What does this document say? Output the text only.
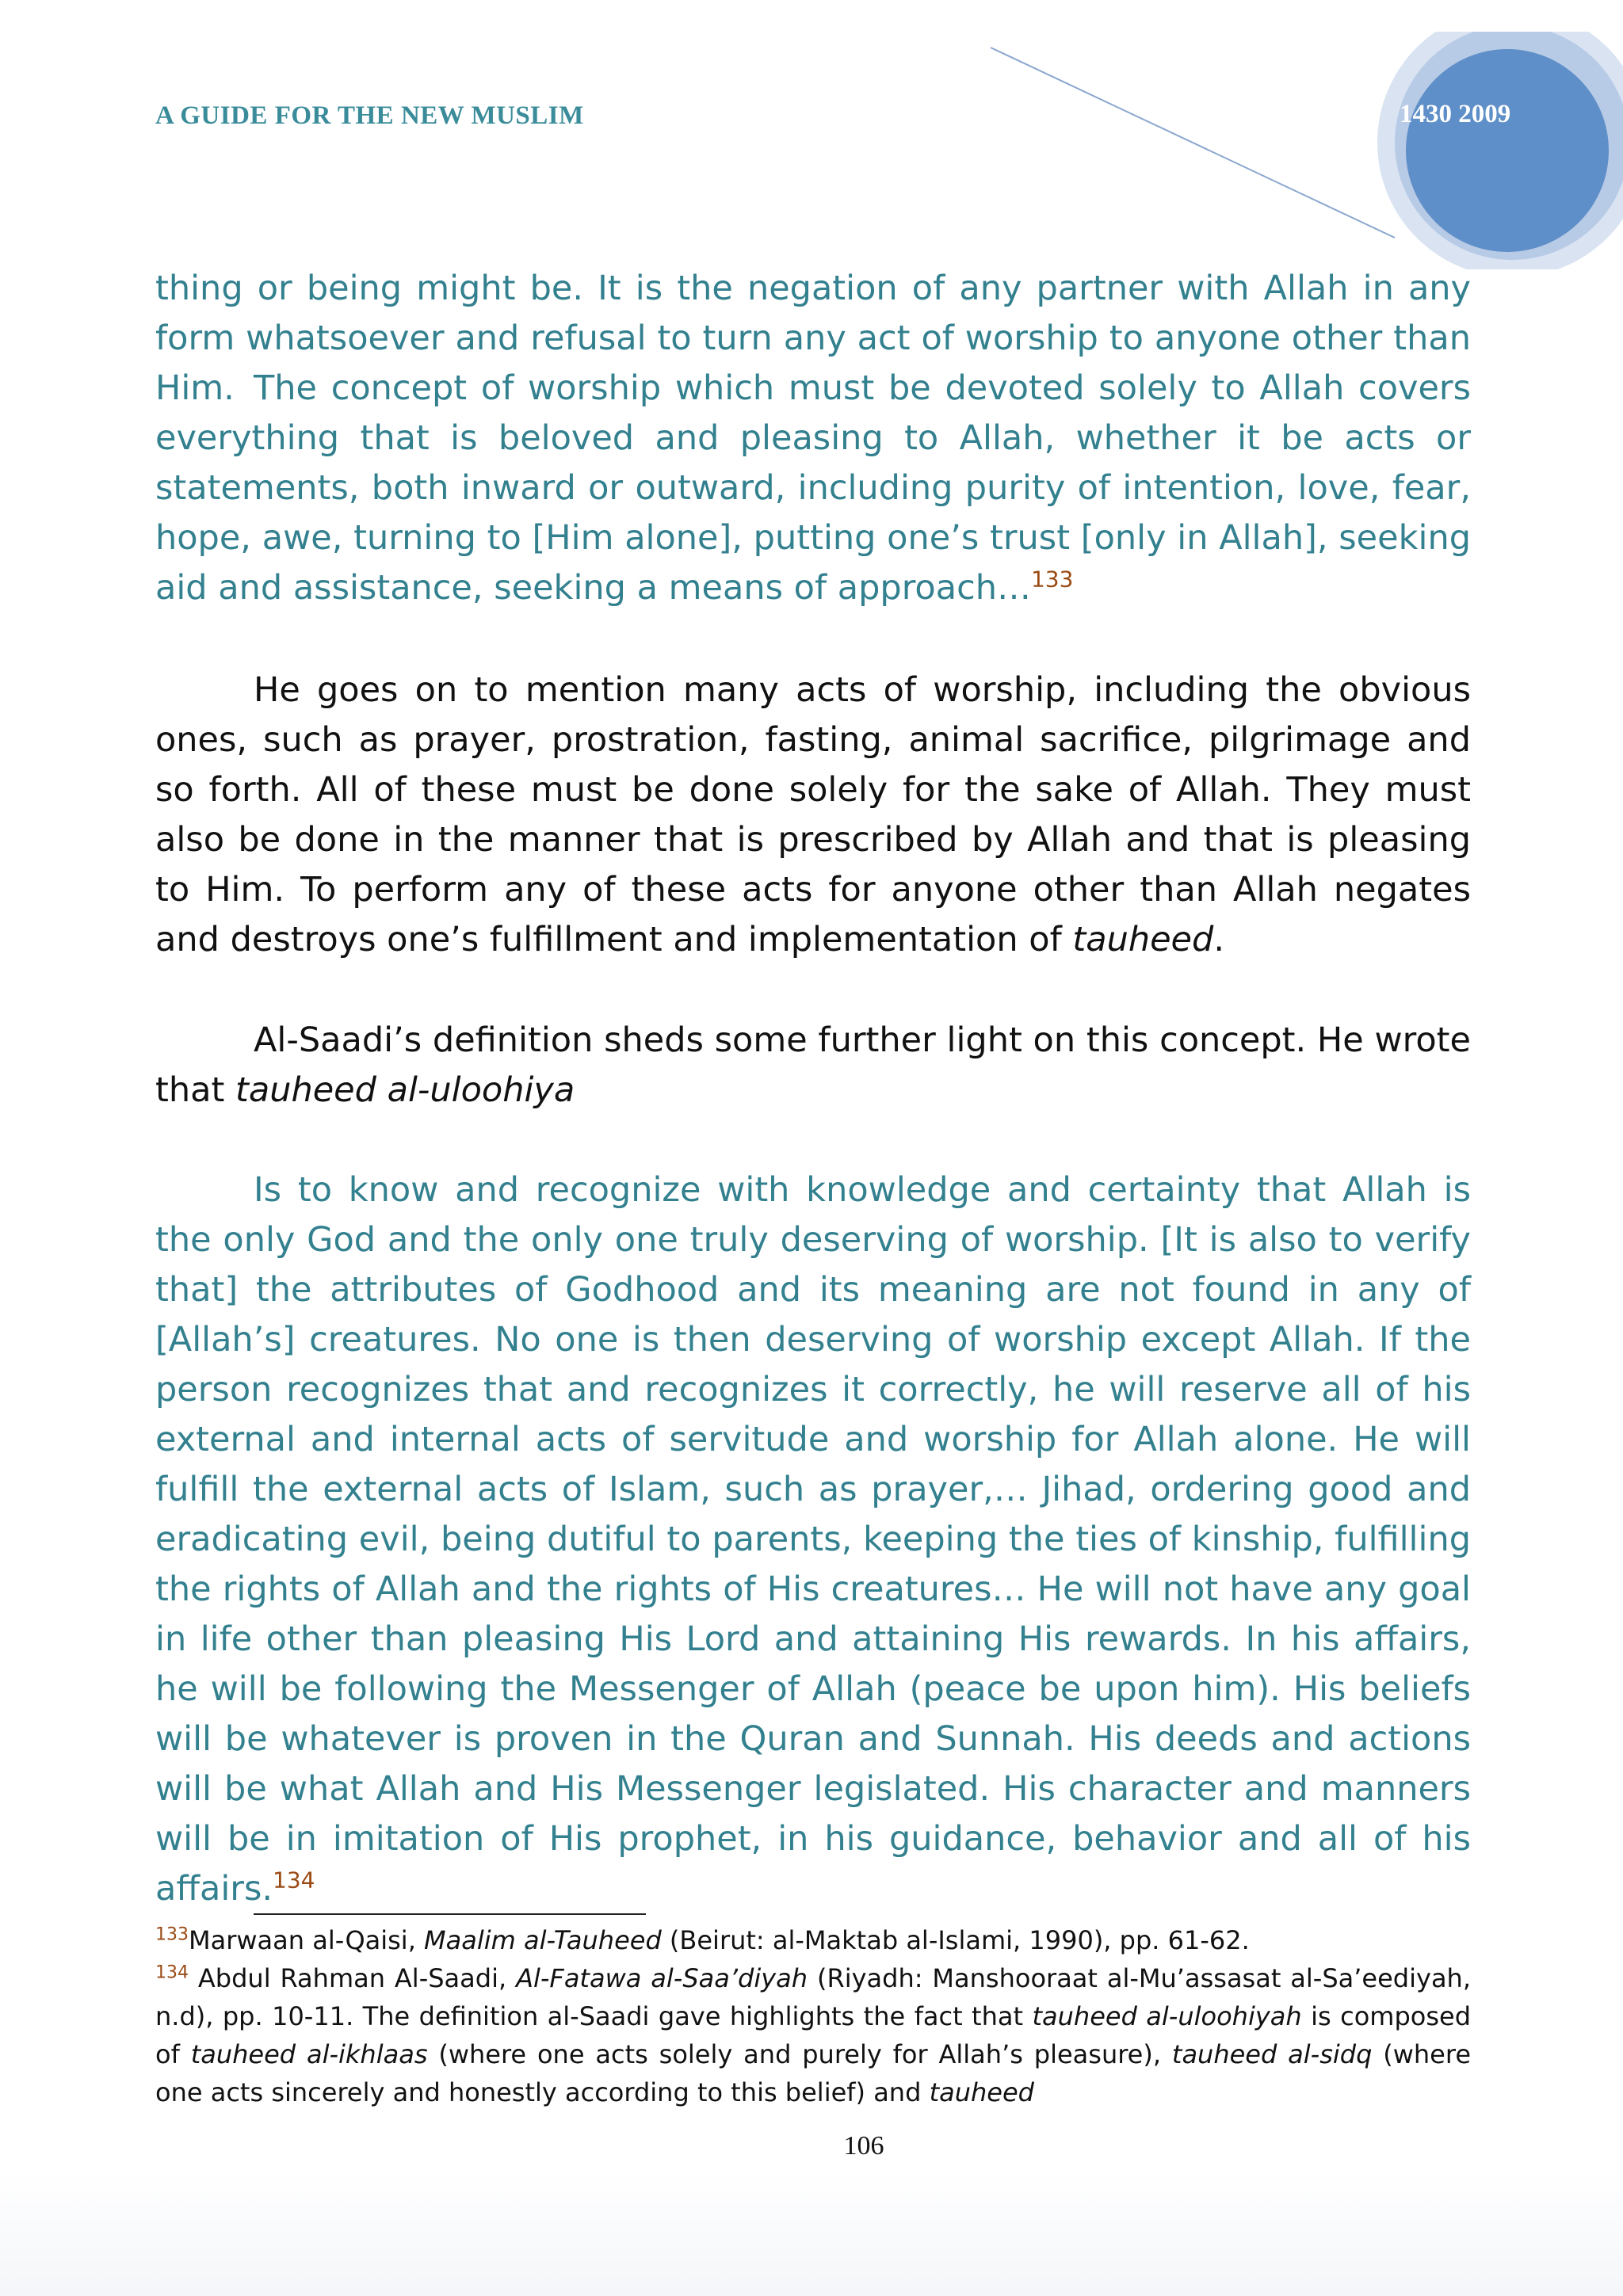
A GUIDE FOR THE NEW MUSLIM	1430 2009

thing or being might be. It is the negation of any partner with Allah in any form whatsoever and refusal to turn any act of worship to anyone other than Him. The concept of worship which must be devoted solely to Allah covers everything that is beloved and pleasing to Allah, whether it be acts or statements, both inward or outward, including purity of intention, love, fear, hope, awe, turning to [Him alone], putting one’s trust [only in Allah], seeking aid and assistance, seeking a means of approach…$^{133}$

He goes on to mention many acts of worship, including the obvious ones, such as prayer, prostration, fasting, animal sacrifice, pilgrimage and so forth. All of these must be done solely for the sake of Allah. They must also be done in the manner that is prescribed by Allah and that is pleasing to Him. To perform any of these acts for anyone other than Allah negates and destroys one’s fulfillment and implementation of tauheed.

Al-Saadi’s definition sheds some further light on this concept. He wrote that tauheed al-uloohiya

Is to know and recognize with knowledge and certainty that Allah is the only God and the only one truly deserving of worship. [It is also to verify that] the attributes of Godhood and its meaning are not found in any of [Allah’s] creatures. No one is then deserving of worship except Allah. If the person recognizes that and recognizes it correctly, he will reserve all of his external and internal acts of servitude and worship for Allah alone. He will fulfill the external acts of Islam, such as prayer,… Jihad, ordering good and eradicating evil, being dutiful to parents, keeping the ties of kinship, fulfilling the rights of Allah and the rights of His creatures… He will not have any goal in life other than pleasing His Lord and attaining His rewards. In his affairs, he will be following the Messenger of Allah (peace be upon him). His beliefs will be whatever is proven in the Quran and Sunnah. His deeds and actions will be what Allah and His Messenger legislated. His character and manners will be in imitation of His prophet, in his guidance, behavior and all of his affairs.$^{134}$

$^{133}$Marwaan al-Qaisi, Maalim al-Tauheed (Beirut: al-Maktab al-Islami, 1990), pp. 61-62.

$^{134}$ Abdul Rahman Al-Saadi, Al-Fatawa al-Saa’diyah (Riyadh: Manshooraat al-Mu’assasat al-Sa’eediyah, n.d), pp. 10-11. The definition al-Saadi gave highlights the fact that tauheed al-uloohiyah is composed of tauheed al-ikhlaas (where one acts solely and purely for Allah’s pleasure), tauheed al-sidq (where one acts sincerely and honestly according to this belief) and tauheed

106
